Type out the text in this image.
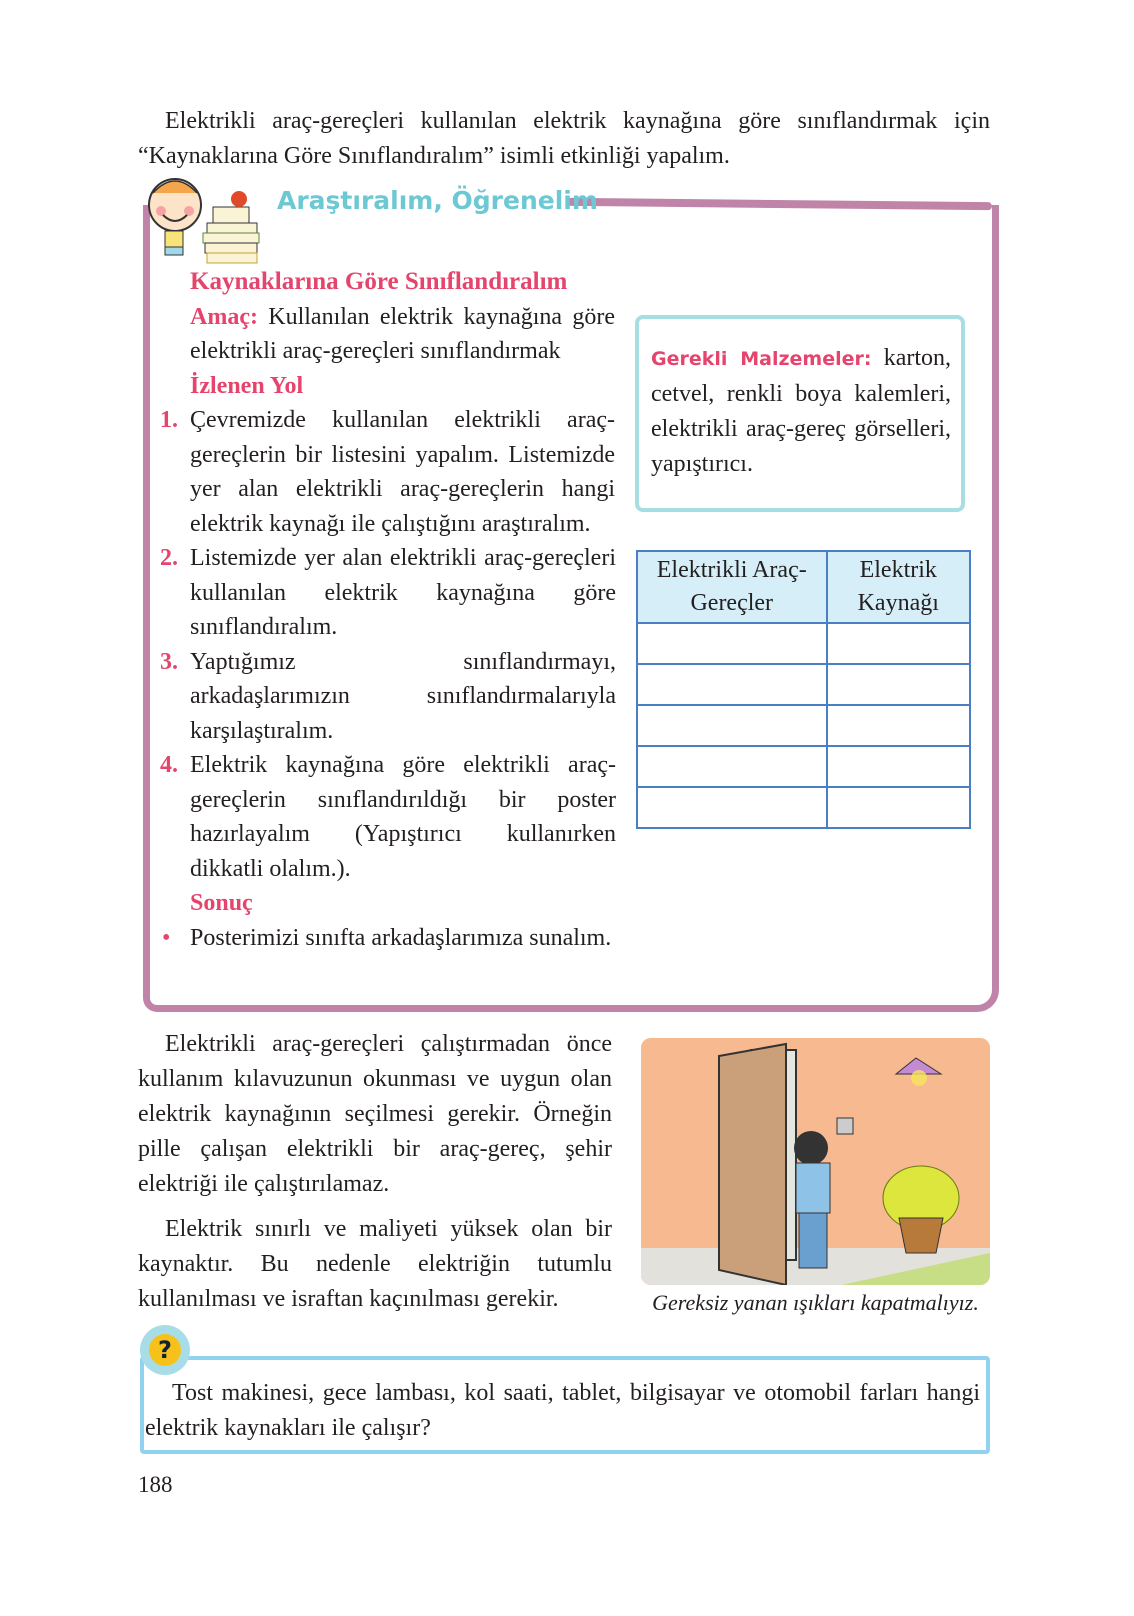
Elektrikli araç-gereçleri kullanılan elektrik kaynağına göre sınıflandırmak için “Kaynaklarına Göre Sınıflandıralım” isimli etkinliği yapalım.

Araştıralım, Öğrenelim
Gerekli Malzemeler: karton, cetvel, renkli boya kalemleri, elektrikli araç-gereç görselleri, yapıştırıcı.
Elektrikli Araç-Gereçler	Elektrik Kaynağı

Kaynaklarına Göre Sınıflandıralım
Amaç: Kullanılan elektrik kaynağına göre elektrikli araç-gereçleri sınıflandırmak
İzlenen Yol
1. Çevremizde kullanılan elektrikli araç-gereçlerin bir listesini yapalım. Listemizde yer alan elektrikli araç-gereçlerin hangi elektrik kaynağı ile çalıştığını araştıralım.
2. Listemizde yer alan elektrikli araç-gereçleri kullanılan elektrik kaynağına göre sınıflandıralım.
3. Yaptığımız sınıflandırmayı, arkadaşlarımızın sınıflandırmalarıyla karşılaştıralım.
4. Elektrik kaynağına göre elektrikli araç-gereçlerin sınıflandırıldığı bir poster hazırlayalım (Yapıştırıcı kullanırken dikkatli olalım.).
Sonuç
• Posterimizi sınıfta arkadaşlarımıza sunalım.

Elektrikli araç-gereçleri çalıştırmadan önce kullanım kılavuzunun okunması ve uygun olan elektrik kaynağının seçilmesi gerekir. Örneğin pille çalışan elektrikli bir araç-gereç, şehir elektriği ile çalıştırılamaz.

Elektrik sınırlı ve maliyeti yüksek olan bir kaynaktır. Bu nedenle elektriğin tutumlu kullanılması ve israftan kaçınılması gerekir.	Gereksiz yanan ışıkları kapatmalıyız.
?

Tost makinesi, gece lambası, kol saati, tablet, bilgisayar ve otomobil farları hangi elektrik kaynakları ile çalışır?

188
